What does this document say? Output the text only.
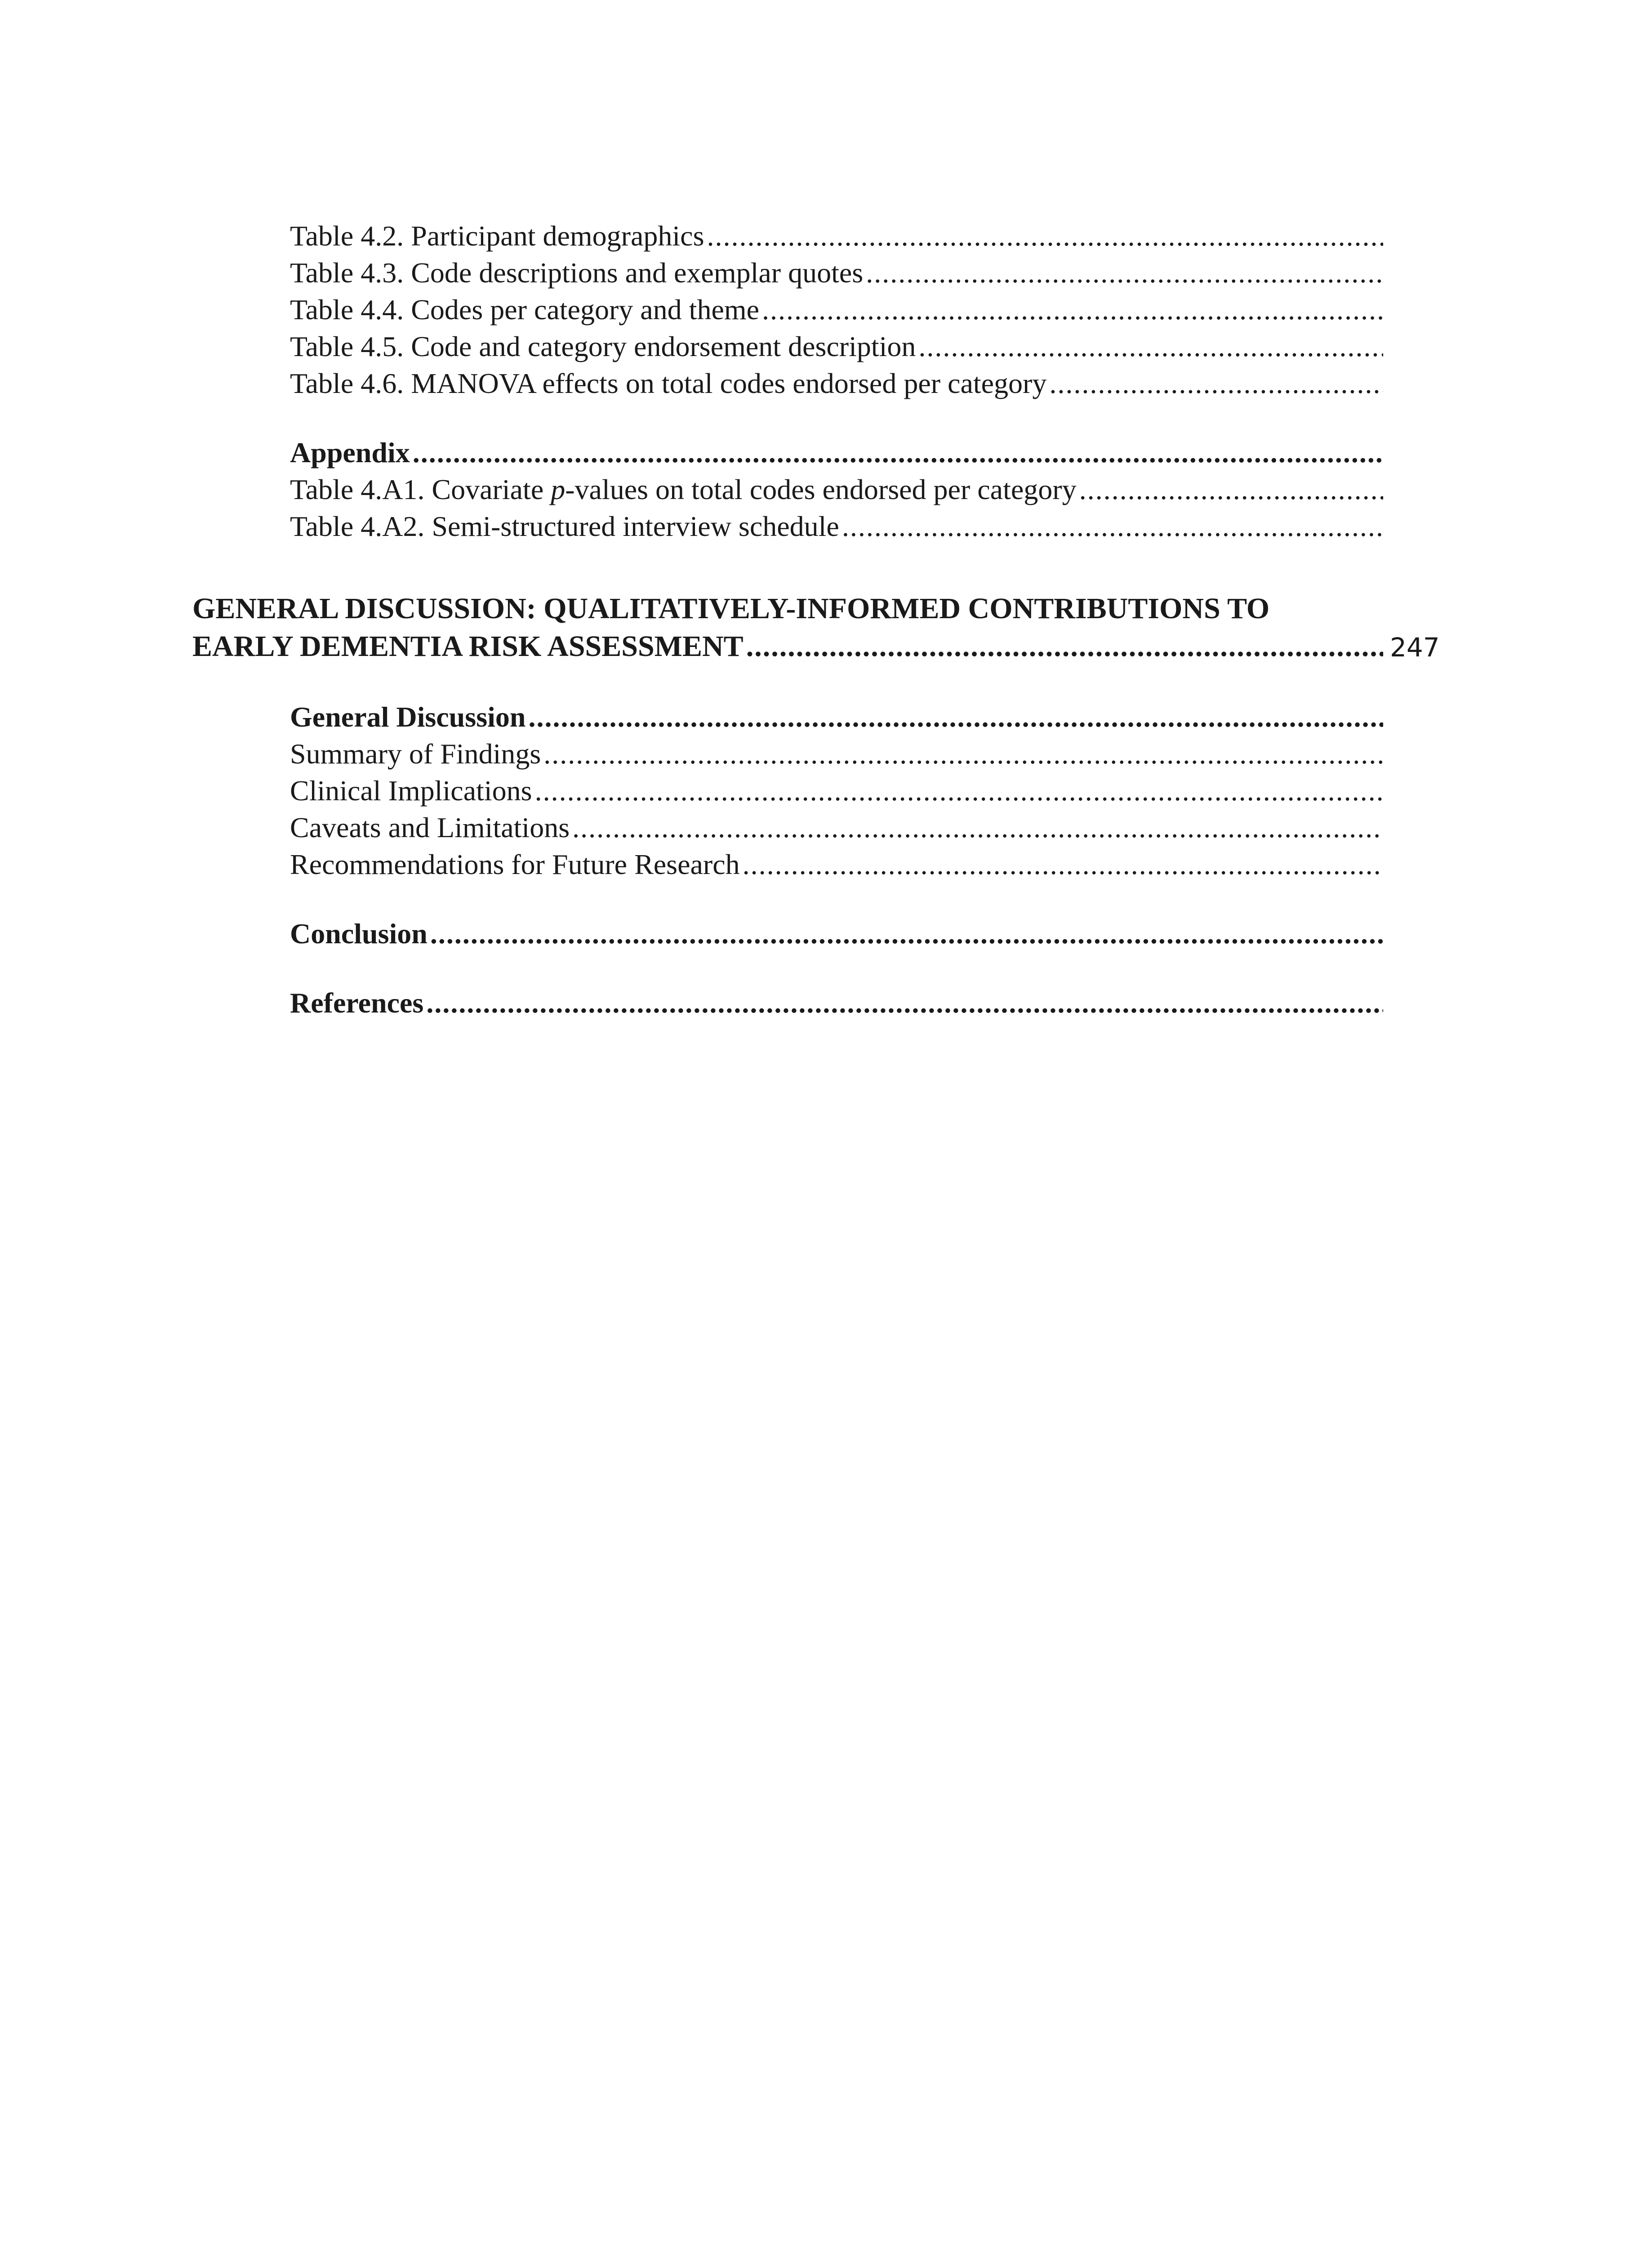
Table 4.2. Participant demographics
.....
Table 4.3. Code descriptions and exemplar quotes
.....
Table 4.4. Codes per category and theme
.....
Table 4.5. Code and category endorsement description
.....
Table 4.6. MANOVA effects on total codes endorsed per category
.....
Appendix
.....
Table 4.A1. Covariate p-values on total codes endorsed per category
.....
Table 4.A2. Semi-structured interview schedule
.....
GENERAL DISCUSSION: QUALITATIVELY-INFORMED CONTRIBUTIONS TO
EARLY DEMENTIA RISK ASSESSMENT
.....	247
General Discussion
.....
Summary of Findings
.....
Clinical Implications
.....
Caveats and Limitations
.....
Recommendations for Future Research
.....
Conclusion
.....
References
.....
